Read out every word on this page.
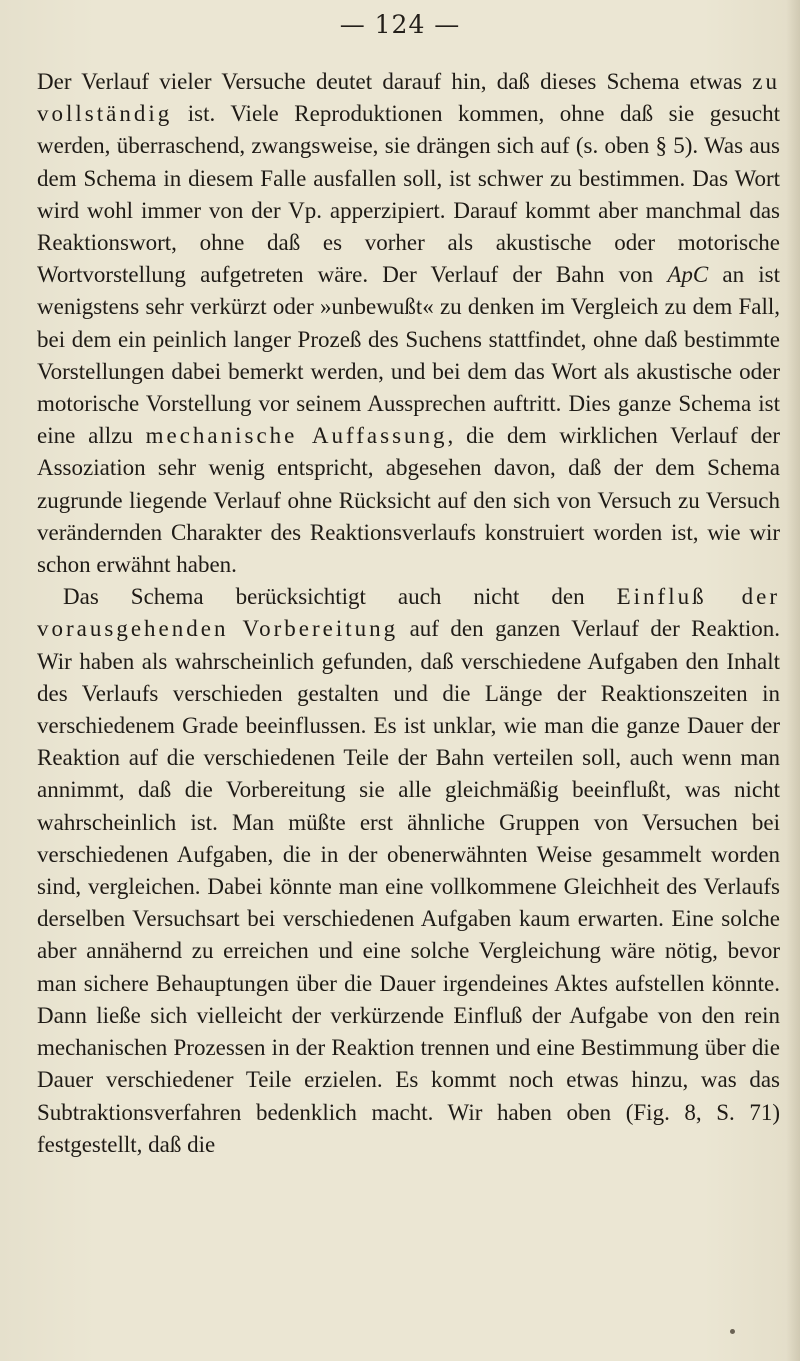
— 124 —

Der Verlauf vieler Versuche deutet darauf hin, daß dieses Schema etwas zu vollständig ist. Viele Reproduktionen kommen, ohne daß sie gesucht werden, überraschend, zwangsweise, sie drängen sich auf (s. oben § 5). Was aus dem Schema in diesem Falle ausfallen soll, ist schwer zu bestimmen. Das Wort wird wohl immer von der Vp. apperzipiert. Darauf kommt aber manchmal das Reaktionswort, ohne daß es vorher als akustische oder motorische Wortvorstellung aufgetreten wäre. Der Verlauf der Bahn von ApC an ist wenigstens sehr verkürzt oder »unbewußt« zu denken im Vergleich zu dem Fall, bei dem ein peinlich langer Prozeß des Suchens stattfindet, ohne daß bestimmte Vorstellungen dabei bemerkt werden, und bei dem das Wort als akustische oder motorische Vorstellung vor seinem Aussprechen auftritt. Dies ganze Schema ist eine allzu mechanische Auffassung, die dem wirklichen Verlauf der Assoziation sehr wenig entspricht, abgesehen davon, daß der dem Schema zugrunde liegende Verlauf ohne Rücksicht auf den sich von Versuch zu Versuch verändernden Charakter des Reaktionsverlaufs konstruiert worden ist, wie wir schon erwähnt haben.

Das Schema berücksichtigt auch nicht den Einfluß der vorausgehenden Vorbereitung auf den ganzen Verlauf der Reaktion. Wir haben als wahrscheinlich gefunden, daß verschiedene Aufgaben den Inhalt des Verlaufs verschieden gestalten und die Länge der Reaktionszeiten in verschiedenem Grade beeinflussen. Es ist unklar, wie man die ganze Dauer der Reaktion auf die verschiedenen Teile der Bahn verteilen soll, auch wenn man annimmt, daß die Vorbereitung sie alle gleichmäßig beeinflußt, was nicht wahrscheinlich ist. Man müßte erst ähnliche Gruppen von Versuchen bei verschiedenen Aufgaben, die in der obenerwähnten Weise gesammelt worden sind, vergleichen. Dabei könnte man eine vollkommene Gleichheit des Verlaufs derselben Versuchsart bei verschiedenen Aufgaben kaum erwarten. Eine solche aber annähernd zu erreichen und eine solche Vergleichung wäre nötig, bevor man sichere Behauptungen über die Dauer irgendeines Aktes aufstellen könnte. Dann ließe sich vielleicht der verkürzende Einfluß der Aufgabe von den rein mechanischen Prozessen in der Reaktion trennen und eine Bestimmung über die Dauer verschiedener Teile erzielen. Es kommt noch etwas hinzu, was das Subtraktionsverfahren bedenklich macht. Wir haben oben (Fig. 8, S. 71) festgestellt, daß die
